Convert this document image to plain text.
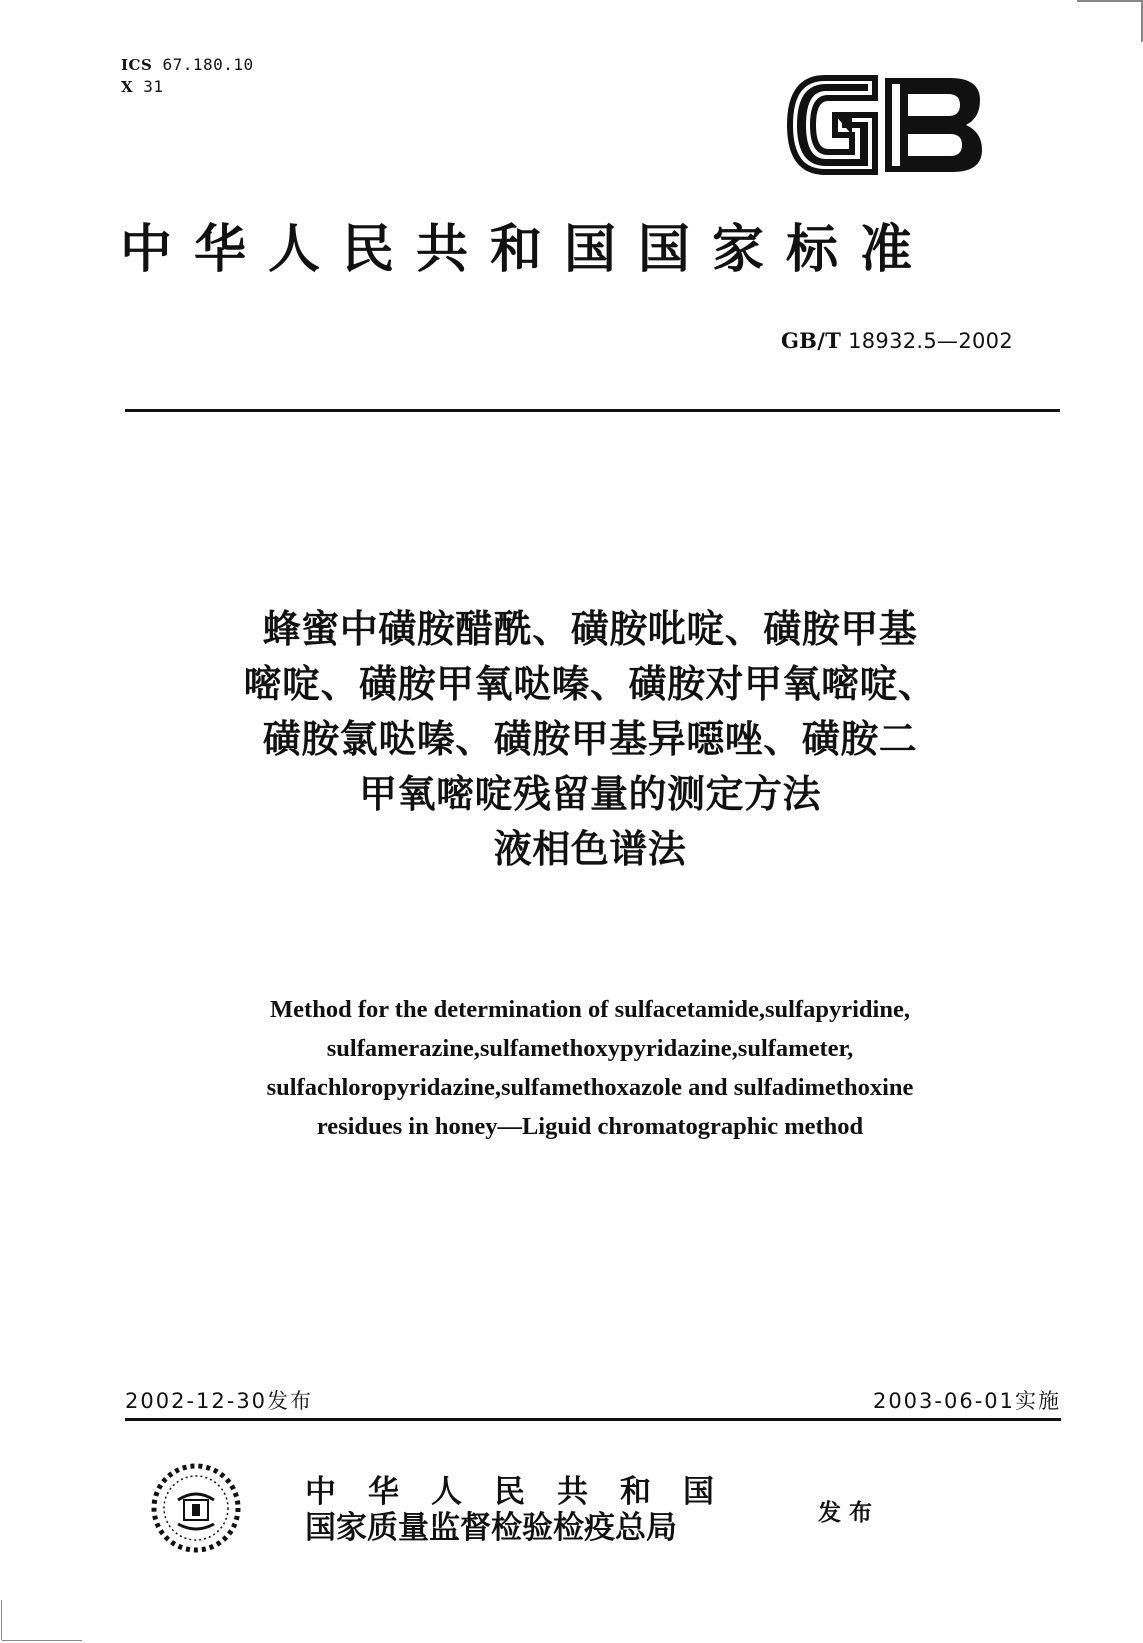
ICS 67.180.10
X 31
中华人民共和国国家标准
GB/T 18932.5—2002
蜂蜜中磺胺醋酰、磺胺吡啶、磺胺甲基
嘧啶、磺胺甲氧哒嗪、磺胺对甲氧嘧啶、
磺胺氯哒嗪、磺胺甲基异噁唑、磺胺二
甲氧嘧啶残留量的测定方法
液相色谱法
Method for the determination of sulfacetamide,sulfapyridine,
sulfamerazine,sulfamethoxypyridazine,sulfameter,
sulfachloropyridazine,sulfamethoxazole and sulfadimethoxine
residues in honey—Liguid chromatographic method
2002-12-30发布	2003-06-01实施
中华人民共和国
国家质量监督检验检疫总局	发布
